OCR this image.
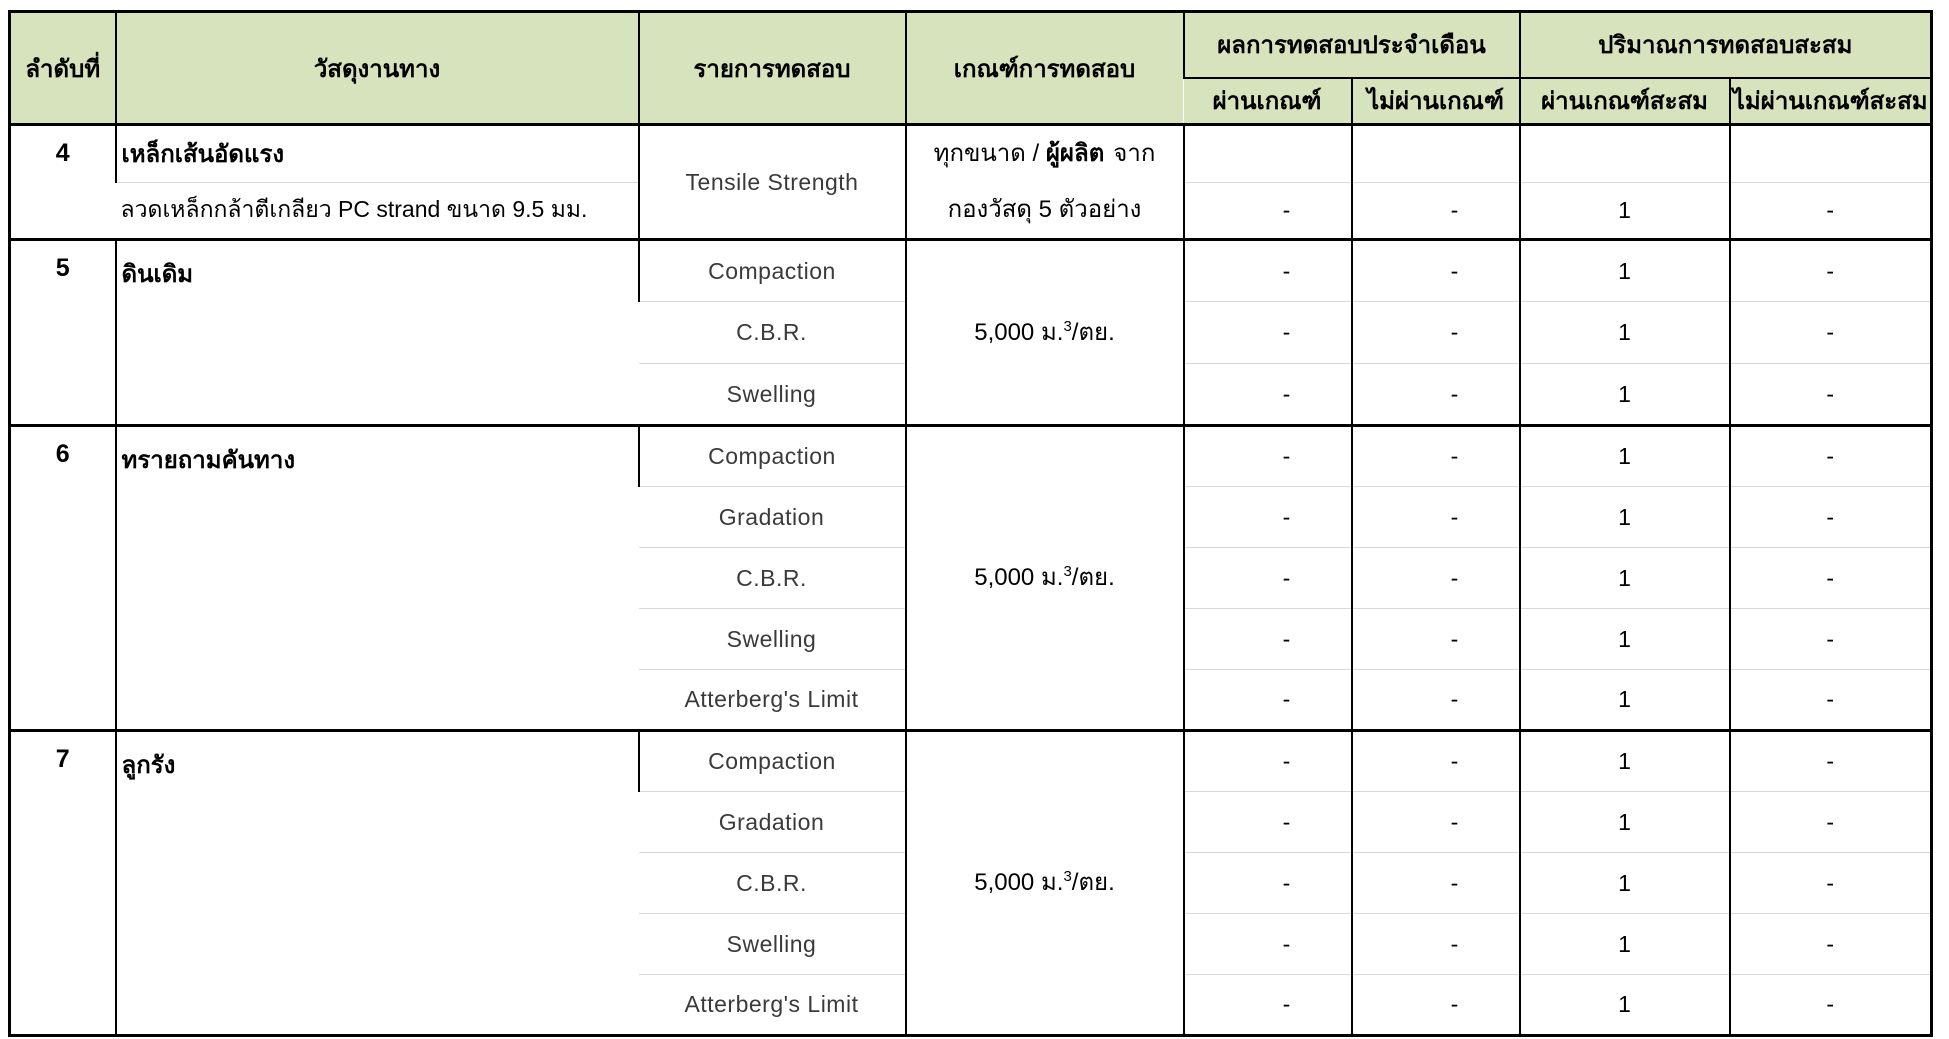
ลำดับที่	วัสดุงานทาง	รายการทดสอบ	เกณฑ์การทดสอบ	ผลการทดสอบประจำเดือน		ปริมาณการทดสอบสะสม	
				ผ่านเกณฑ์	ไม่ผ่านเกณฑ์	ผ่านเกณฑ์สะสม	ไม่ผ่านเกณฑ์สะสม
4	เหล็กเส้นอัดแรง	Tensile Strength	ทุกขนาด / ผู้ผลิต จาก
กองวัสดุ 5 ตัวอย่าง				

	ลวดเหล็กกล้าตีเกลียว PC strand ขนาด 9.5 มม.			-	-	1	-
5	ดินเดิม	Compaction	5,000 ม.$^3$/ตย.	-	-	1	-
		C.B.R.		-	-	1	-
		Swelling		-	-	1	-
6	ทรายถามคันทาง	Compaction	5,000 ม.$^3$/ตย.	-	-	1	-
		Gradation		-	-	1	-
		C.B.R.		-	-	1	-
		Swelling		-	-	1	-
		Atterberg's Limit		-	-	1	-
7	ลูกรัง	Compaction	5,000 ม.$^3$/ตย.	-	-	1	-
		Gradation		-	-	1	-
		C.B.R.		-	-	1	-
		Swelling		-	-	1	-
		Atterberg's Limit		-	-	1	-
